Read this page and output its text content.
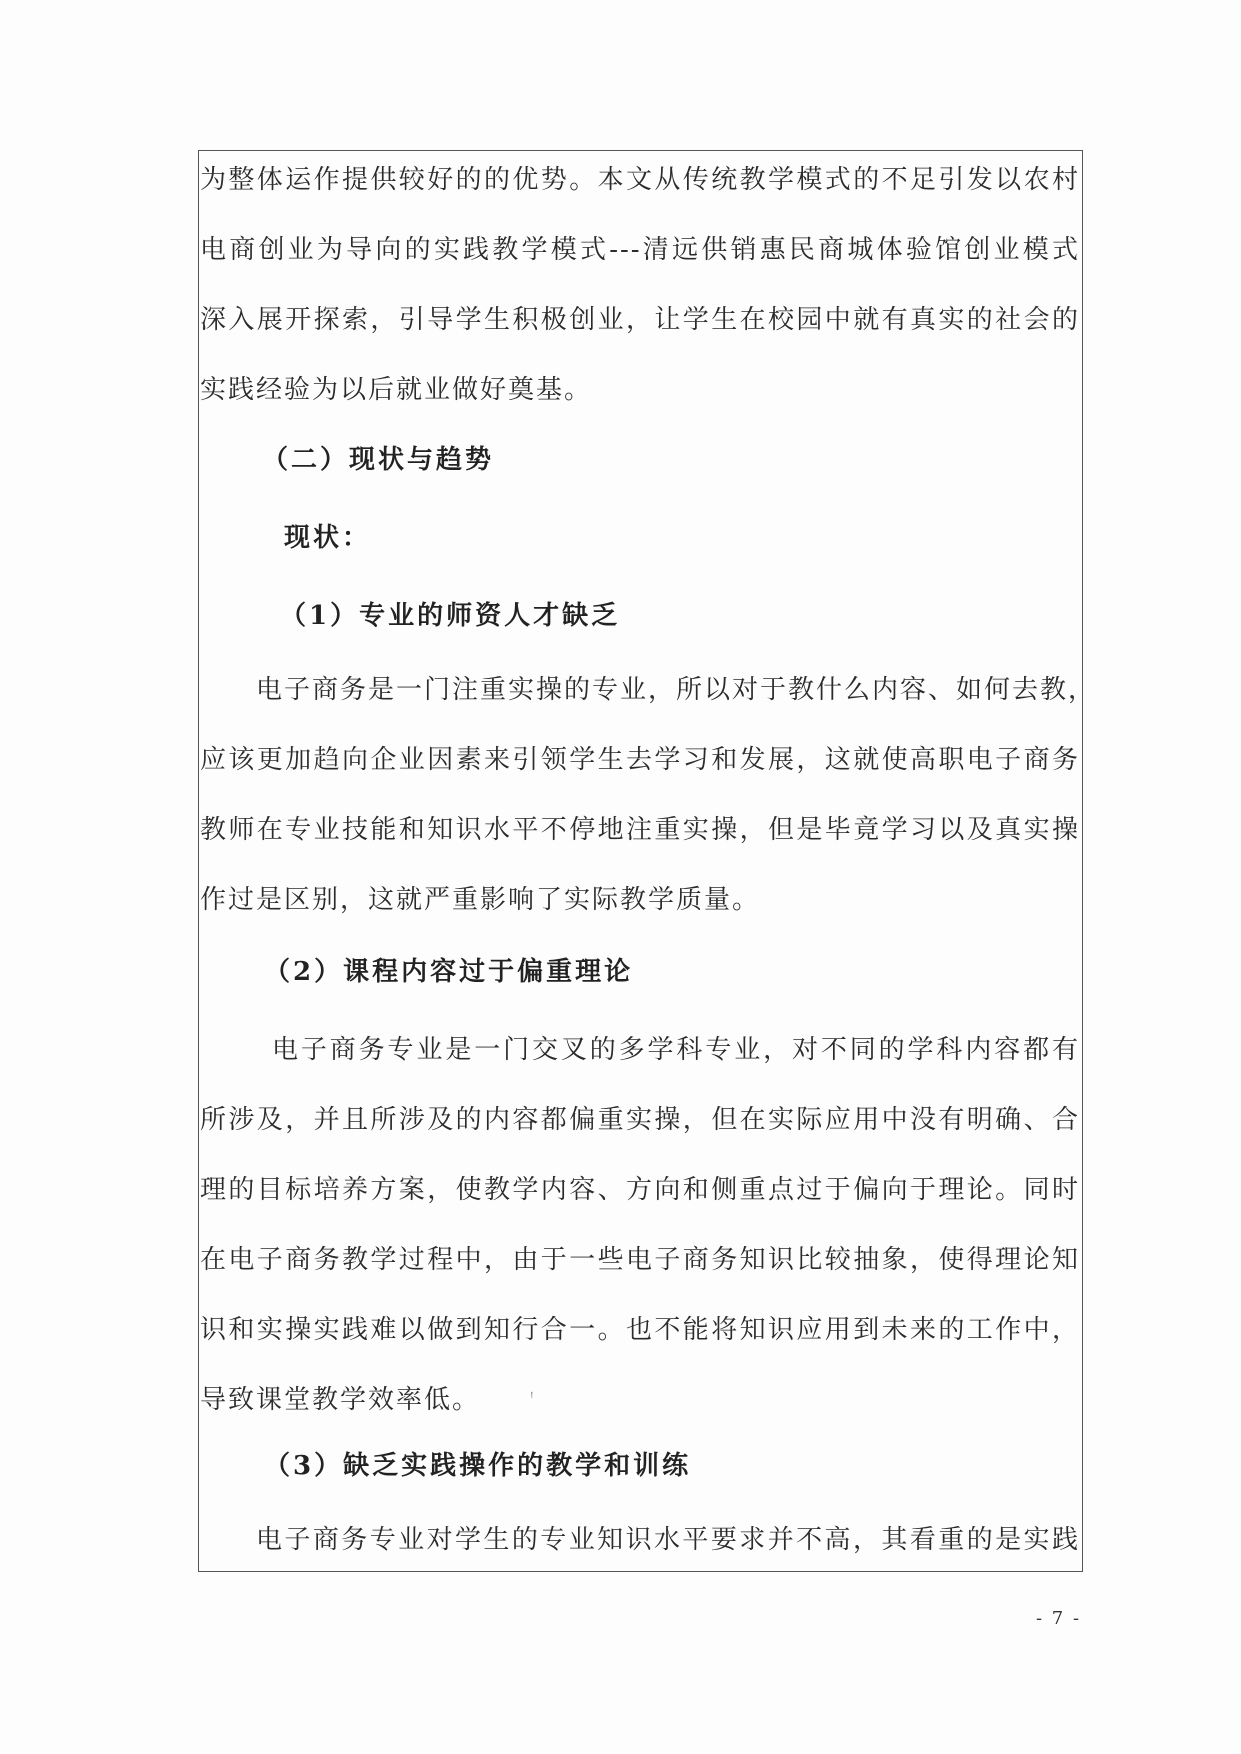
为整体运作提供较好的的优势。本文从传统教学模式的不足引发以农村
电商创业为导向的实践教学模式---清远供销惠民商城体验馆创业模式
深入展开探索，引导学生积极创业，让学生在校园中就有真实的社会的
实践经验为以后就业做好奠基。
（二）现状与趋势
现状：
（1）专业的师资人才缺乏
电子商务是一门注重实操的专业，所以对于教什么内容、如何去教，
应该更加趋向企业因素来引领学生去学习和发展，这就使高职电子商务
教师在专业技能和知识水平不停地注重实操，但是毕竟学习以及真实操
作过是区别，这就严重影响了实际教学质量。
（2）课程内容过于偏重理论
电子商务专业是一门交叉的多学科专业，对不同的学科内容都有
所涉及，并且所涉及的内容都偏重实操，但在实际应用中没有明确、合
理的目标培养方案，使教学内容、方向和侧重点过于偏向于理论。同时
在电子商务教学过程中，由于一些电子商务知识比较抽象，使得理论知
识和实操实践难以做到知行合一。也不能将知识应用到未来的工作中，
导致课堂教学效率低。	ꜝ
（3）缺乏实践操作的教学和训练
电子商务专业对学生的专业知识水平要求并不高，其看重的是实践
- 7 -
